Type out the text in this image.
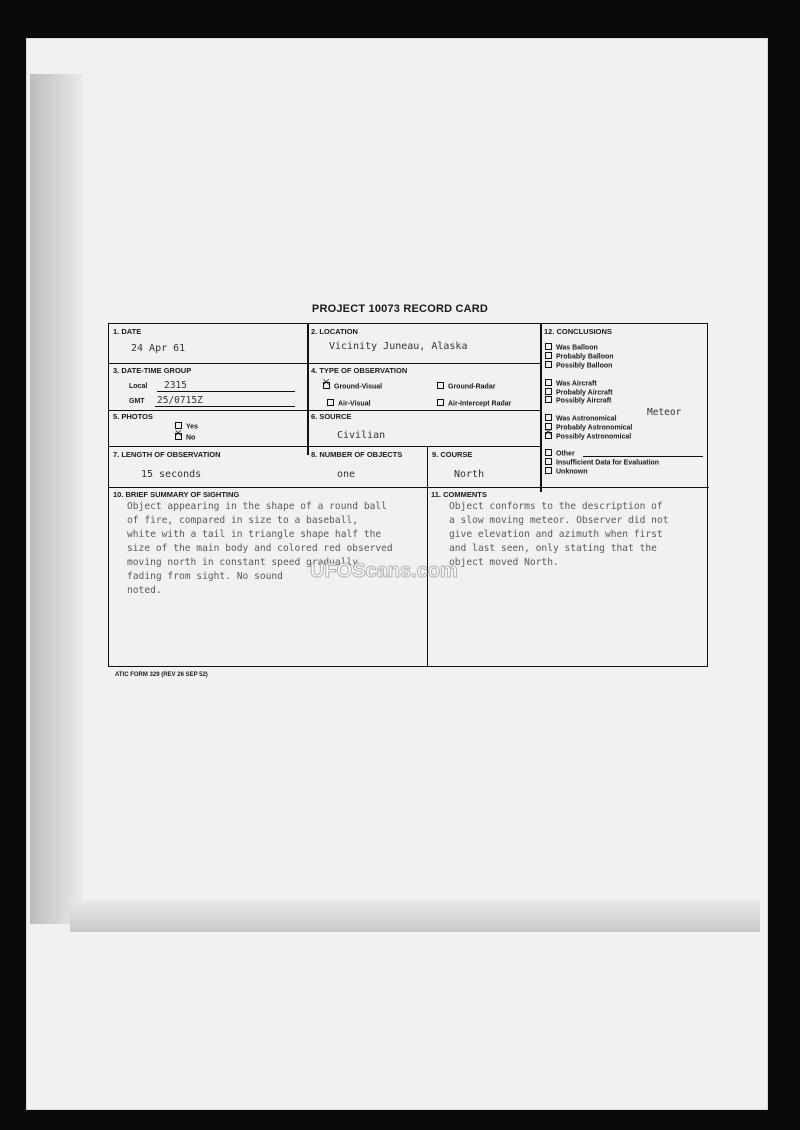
PROJECT 10073 RECORD CARD
1. DATE
24 Apr 61
2. LOCATION
Vicinity Juneau, Alaska
3. DATE-TIME GROUP
Local 2315
GMT 25/0715Z
4. TYPE OF OBSERVATION
×Ground-Visual	Ground-Radar
Air-Visual	Air-Intercept Radar
5. PHOTOS
Yes
×No
6. SOURCE
Civilian
7. LENGTH OF OBSERVATION
15 seconds
8. NUMBER OF OBJECTS
one
9. COURSE
North
10. BRIEF SUMMARY OF SIGHTING
Object appearing in the shape of a round ball
of fire, compared in size to a baseball,
white with a tail in triangle shape half the
size of the main body and colored red observed
moving north in constant speed gradually
fading from sight. No sound
noted.
11. COMMENTS
Object conforms to the description of
a slow moving meteor. Observer did not
give elevation and azimuth when first
and last seen, only stating that the
object moved North.
12. CONCLUSIONS
Was Balloon
Probably Balloon
Possibly Balloon
Was Aircraft
Probably Aircraft
Possibly Aircraft
Was Astronomical
Meteor
Probably Astronomical
×Possibly Astronomical
Other
Insufficient Data for Evaluation
Unknown
ATIC FORM 329 (REV 26 SEP 52)
UFOScans.com
